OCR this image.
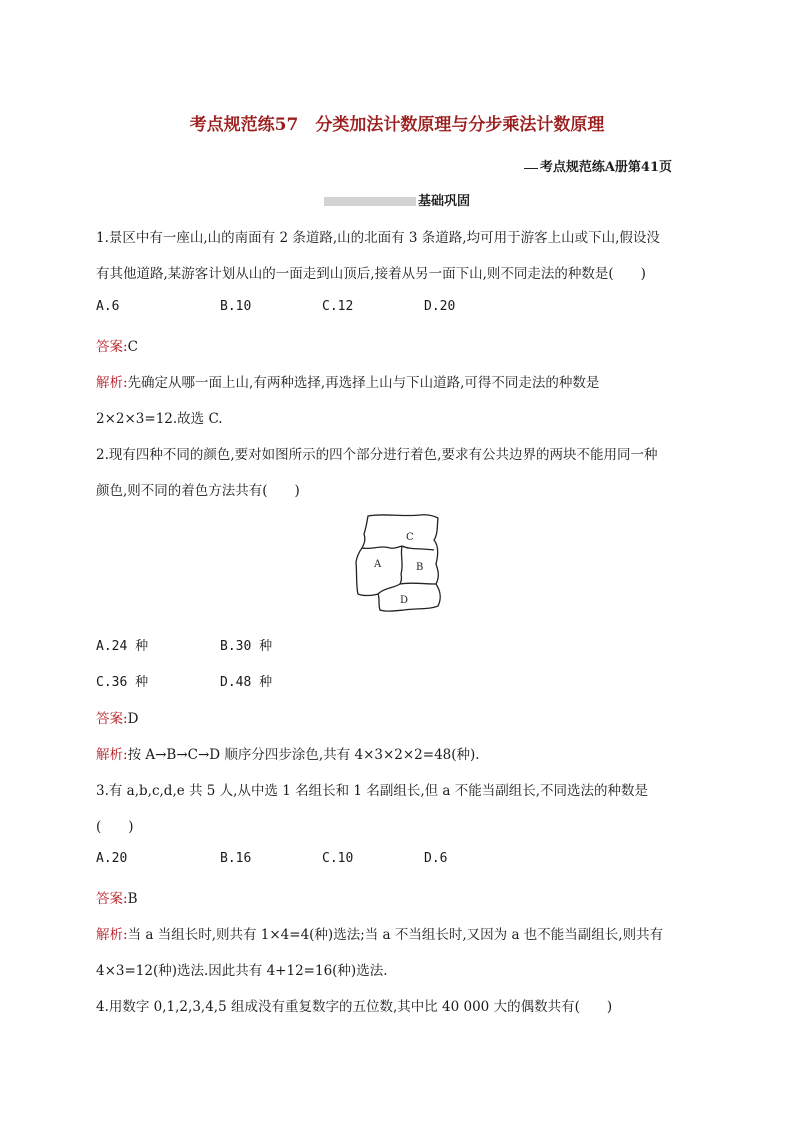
考点规范练57　分类加法计数原理与分步乘法计数原理
考点规范练A册第41页
基础巩固
1.景区中有一座山,山的南面有 2 条道路,山的北面有 3 条道路,均可用于游客上山或下山,假设没
有其他道路,某游客计划从山的一面走到山顶后,接着从另一面下山,则不同走法的种数是(　　)
A.6	B.10	C.12	D.20
答案:C
解析:先确定从哪一面上山,有两种选择,再选择上山与下山道路,可得不同走法的种数是
2×2×3=12.故选 C.
2.现有四种不同的颜色,要对如图所示的四个部分进行着色,要求有公共边界的两块不能用同一种
颜色,则不同的着色方法共有(　　)
A	B
C
D
A.24 种	B.30 种
C.36 种	D.48 种
答案:D
解析:按 A→B→C→D 顺序分四步涂色,共有 4×3×2×2=48(种).
3.有 a,b,c,d,e 共 5 人,从中选 1 名组长和 1 名副组长,但 a 不能当副组长,不同选法的种数是
(　　)
A.20	B.16	C.10	D.6
答案:B
解析:当 a 当组长时,则共有 1×4=4(种)选法;当 a 不当组长时,又因为 a 也不能当副组长,则共有
4×3=12(种)选法.因此共有 4+12=16(种)选法.
4.用数字 0,1,2,3,4,5 组成没有重复数字的五位数,其中比 40 000 大的偶数共有(　　)
